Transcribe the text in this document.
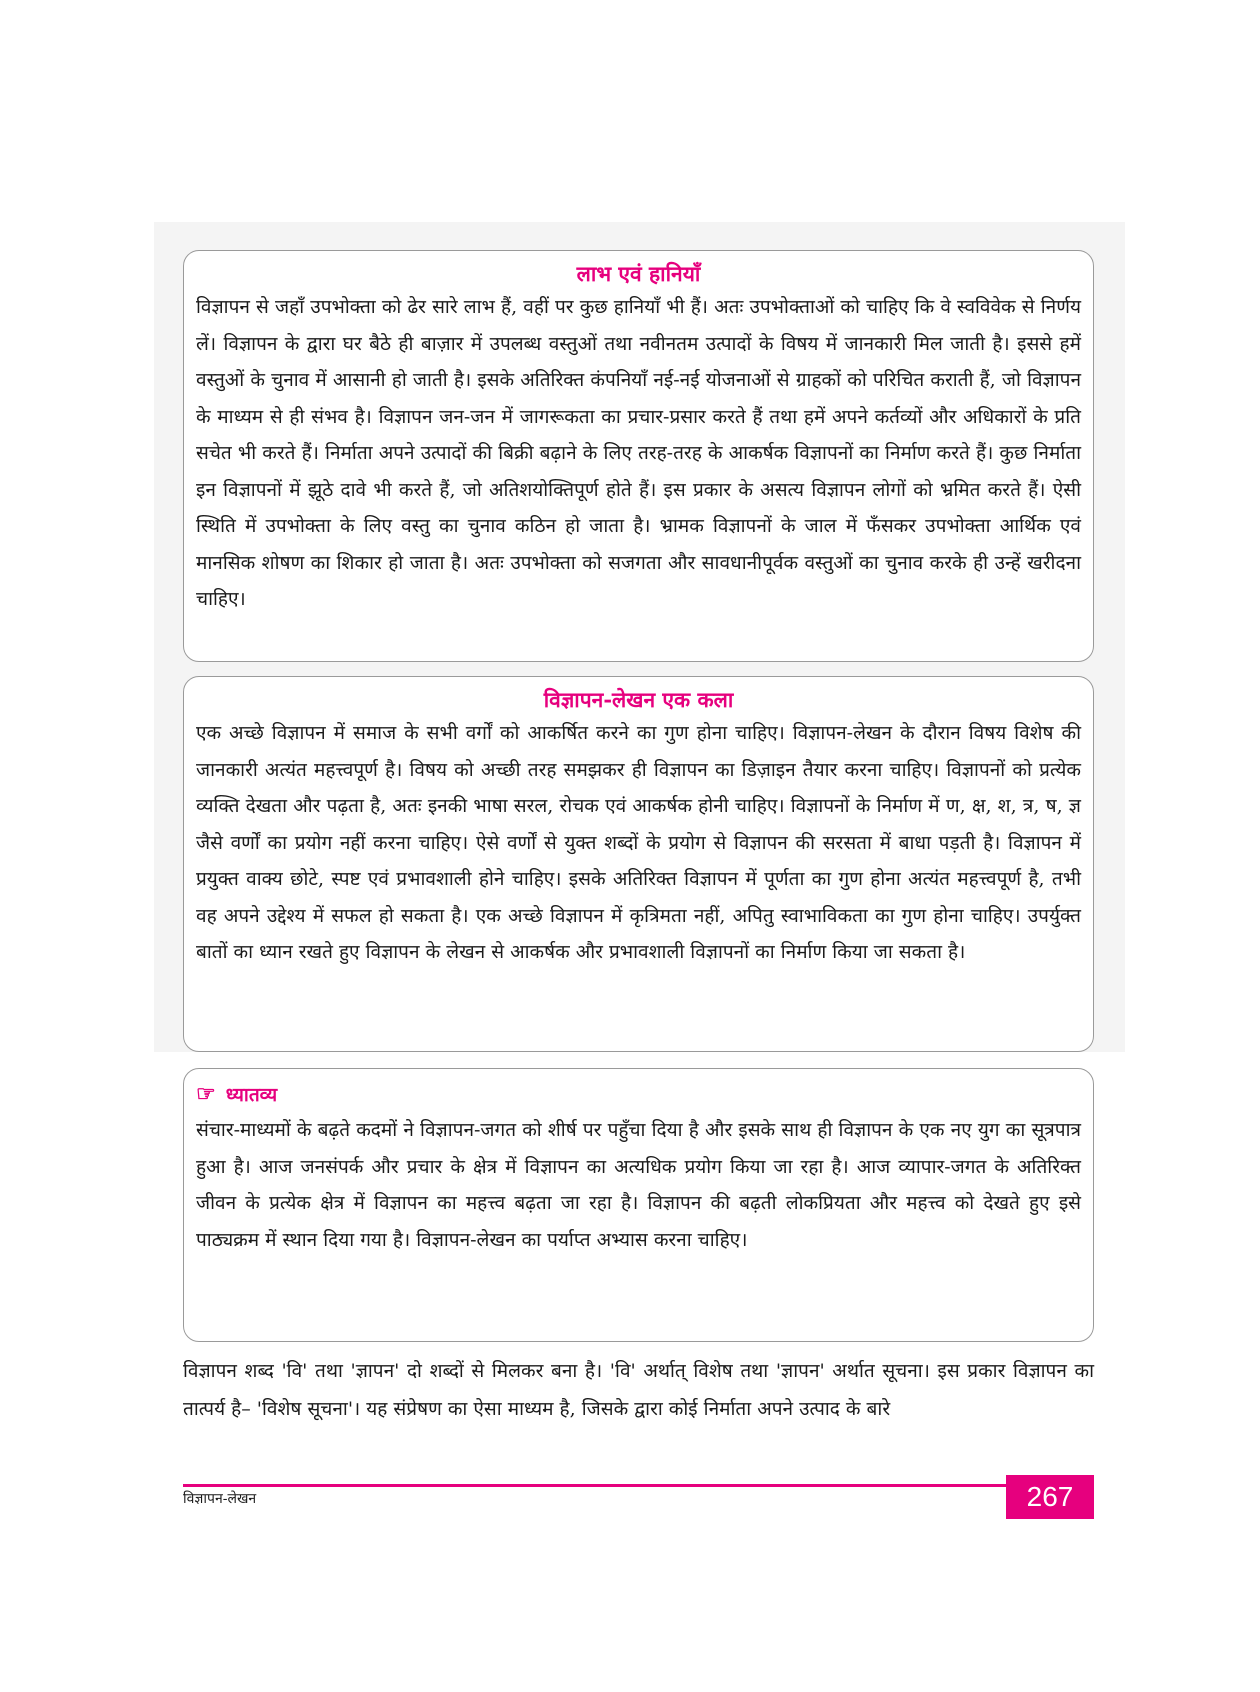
लाभ एवं हानियाँ

विज्ञापन से जहाँ उपभोक्ता को ढेर सारे लाभ हैं, वहीं पर कुछ हानियाँ भी हैं। अतः उपभोक्ताओं को चाहिए कि वे स्वविवेक से निर्णय लें। विज्ञापन के द्वारा घर बैठे ही बाज़ार में उपलब्ध वस्तुओं तथा नवीनतम उत्पादों के विषय में जानकारी मिल जाती है। इससे हमें वस्तुओं के चुनाव में आसानी हो जाती है। इसके अतिरिक्त कंपनियाँ नई-नई योजनाओं से ग्राहकों को परिचित कराती हैं, जो विज्ञापन के माध्यम से ही संभव है। विज्ञापन जन-जन में जागरूकता का प्रचार-प्रसार करते हैं तथा हमें अपने कर्तव्यों और अधिकारों के प्रति सचेत भी करते हैं। निर्माता अपने उत्पादों की बिक्री बढ़ाने के लिए तरह-तरह के आकर्षक विज्ञापनों का निर्माण करते हैं। कुछ निर्माता इन विज्ञापनों में झूठे दावे भी करते हैं, जो अतिशयोक्तिपूर्ण होते हैं। इस प्रकार के असत्य विज्ञापन लोगों को भ्रमित करते हैं। ऐसी स्थिति में उपभोक्ता के लिए वस्तु का चुनाव कठिन हो जाता है। भ्रामक विज्ञापनों के जाल में फँसकर उपभोक्ता आर्थिक एवं मानसिक शोषण का शिकार हो जाता है। अतः उपभोक्ता को सजगता और सावधानीपूर्वक वस्तुओं का चुनाव करके ही उन्हें खरीदना चाहिए।

विज्ञापन-लेखन एक कला

एक अच्छे विज्ञापन में समाज के सभी वर्गों को आकर्षित करने का गुण होना चाहिए। विज्ञापन-लेखन के दौरान विषय विशेष की जानकारी अत्यंत महत्त्वपूर्ण है। विषय को अच्छी तरह समझकर ही विज्ञापन का डिज़ाइन तैयार करना चाहिए। विज्ञापनों को प्रत्येक व्यक्ति देखता और पढ़ता है, अतः इनकी भाषा सरल, रोचक एवं आकर्षक होनी चाहिए। विज्ञापनों के निर्माण में ण, क्ष, श, त्र, ष, ज्ञ जैसे वर्णों का प्रयोग नहीं करना चाहिए। ऐसे वर्णों से युक्त शब्दों के प्रयोग से विज्ञापन की सरसता में बाधा पड़ती है। विज्ञापन में प्रयुक्त वाक्य छोटे, स्पष्ट एवं प्रभावशाली होने चाहिए। इसके अतिरिक्त विज्ञापन में पूर्णता का गुण होना अत्यंत महत्त्वपूर्ण है, तभी वह अपने उद्देश्य में सफल हो सकता है। एक अच्छे विज्ञापन में कृत्रिमता नहीं, अपितु स्वाभाविकता का गुण होना चाहिए। उपर्युक्त बातों का ध्यान रखते हुए विज्ञापन के लेखन से आकर्षक और प्रभावशाली विज्ञापनों का निर्माण किया जा सकता है।

☞ ध्यातव्य

संचार-माध्यमों के बढ़ते कदमों ने विज्ञापन-जगत को शीर्ष पर पहुँचा दिया है और इसके साथ ही विज्ञापन के एक नए युग का सूत्रपात्र हुआ है। आज जनसंपर्क और प्रचार के क्षेत्र में विज्ञापन का अत्यधिक प्रयोग किया जा रहा है। आज व्यापार-जगत के अतिरिक्त जीवन के प्रत्येक क्षेत्र में विज्ञापन का महत्त्व बढ़ता जा रहा है। विज्ञापन की बढ़ती लोकप्रियता और महत्त्व को देखते हुए इसे पाठ्यक्रम में स्थान दिया गया है। विज्ञापन-लेखन का पर्याप्त अभ्यास करना चाहिए।

विज्ञापन शब्द 'वि' तथा 'ज्ञापन' दो शब्दों से मिलकर बना है। 'वि' अर्थात् विशेष तथा 'ज्ञापन' अर्थात सूचना। इस प्रकार विज्ञापन का तात्पर्य है– 'विशेष सूचना'। यह संप्रेषण का ऐसा माध्यम है, जिसके द्वारा कोई निर्माता अपने उत्पाद के बारे

विज्ञापन-लेखन	267
